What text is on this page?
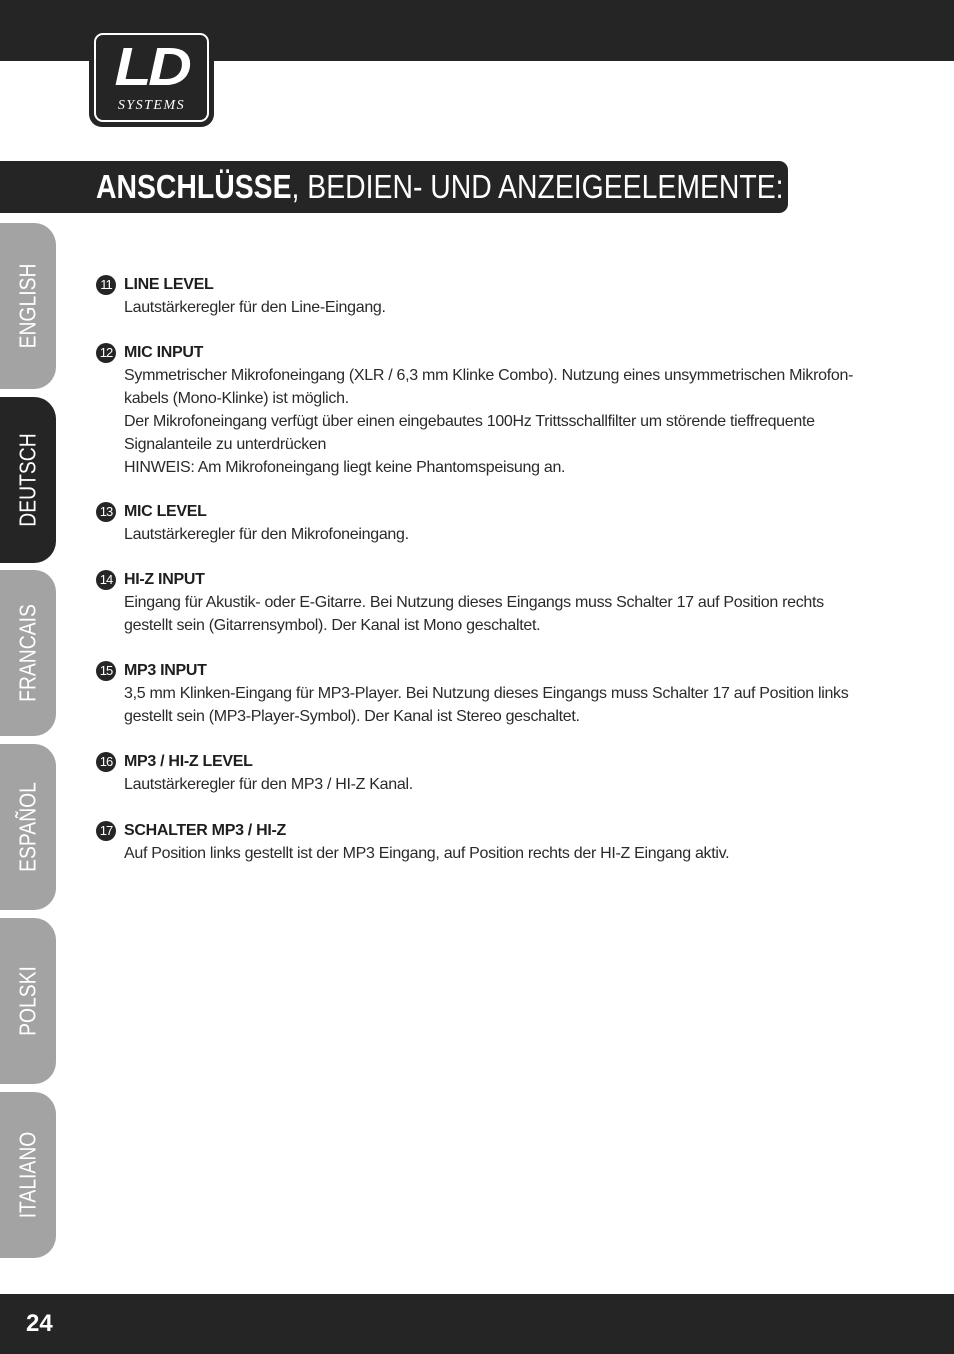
LD
SYSTEMS
ANSCHLÜSSE, BEDIEN- UND ANZEIGEELEMENTE:
ENGLISH
DEUTSCH
FRANCAIS
ESPAÑOL
POLSKI
ITALIANO
11 LINE LEVEL
Lautstärkeregler für den Line-Eingang.
12 MIC INPUT
Symmetrischer Mikrofoneingang (XLR / 6,3 mm Klinke Combo). Nutzung eines unsymmetrischen Mikrofon-
kabels (Mono-Klinke) ist möglich.
Der Mikrofoneingang verfügt über einen eingebautes 100Hz Trittsschallfilter um störende tieffrequente
Signalanteile zu unterdrücken
HINWEIS: Am Mikrofoneingang liegt keine Phantomspeisung an.
13 MIC LEVEL
Lautstärkeregler für den Mikrofoneingang.
14 HI-Z INPUT
Eingang für Akustik- oder E-Gitarre. Bei Nutzung dieses Eingangs muss Schalter 17 auf Position rechts
gestellt sein (Gitarrensymbol). Der Kanal ist Mono geschaltet.
15 MP3 INPUT
3,5 mm Klinken-Eingang für MP3-Player. Bei Nutzung dieses Eingangs muss Schalter 17 auf Position links
gestellt sein (MP3-Player-Symbol). Der Kanal ist Stereo geschaltet.
16 MP3 / HI-Z LEVEL
Lautstärkeregler für den MP3 / HI-Z Kanal.
17 SCHALTER MP3 / HI-Z
Auf Position links gestellt ist der MP3 Eingang, auf Position rechts der HI-Z Eingang aktiv.
24
